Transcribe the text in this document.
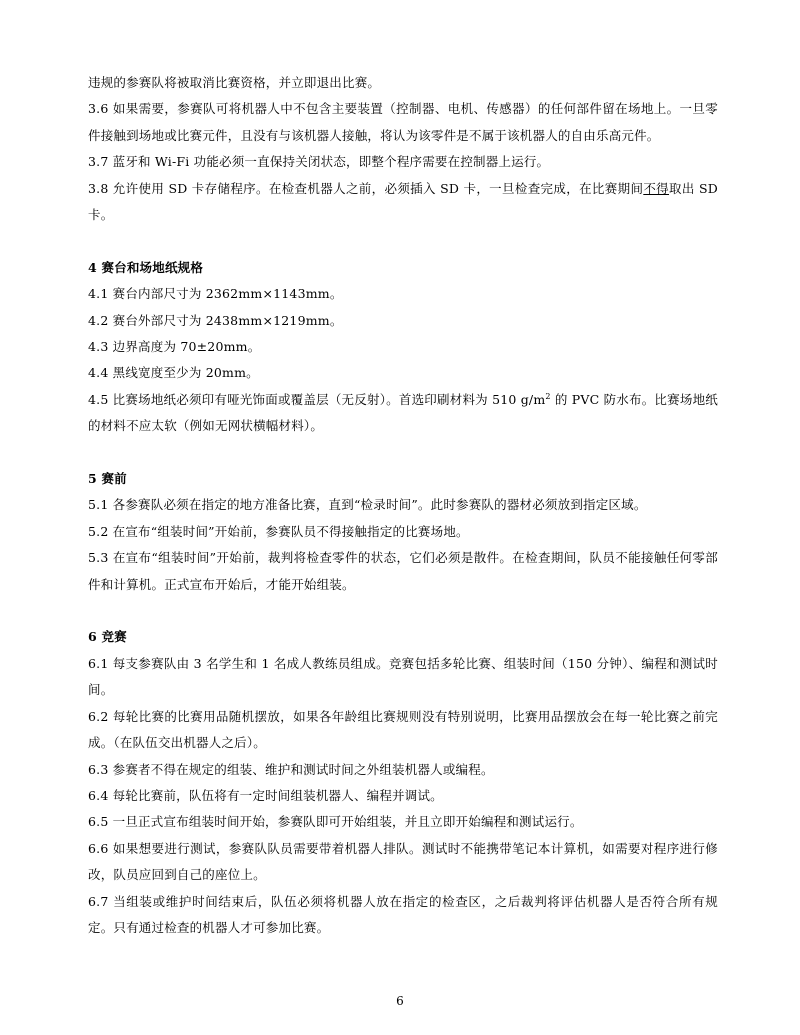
违规的参赛队将被取消比赛资格，并立即退出比赛。

3.6 如果需要，参赛队可将机器人中不包含主要装置（控制器、电机、传感器）的任何部件留在场地上。一旦零件接触到场地或比赛元件，且没有与该机器人接触，将认为该零件是不属于该机器人的自由乐高元件。

3.7 蓝牙和 Wi-Fi 功能必须一直保持关闭状态，即整个程序需要在控制器上运行。

3.8 允许使用 SD 卡存储程序。在检查机器人之前，必须插入 SD 卡，一旦检查完成，在比赛期间不得取出 SD 卡。

4 赛台和场地纸规格

4.1 赛台内部尺寸为 2362mm×1143mm。

4.2 赛台外部尺寸为 2438mm×1219mm。

4.3 边界高度为 70±20mm。

4.4 黑线宽度至少为 20mm。

4.5 比赛场地纸必须印有哑光饰面或覆盖层（无反射）。首选印刷材料为 510 $g/m^2$ 的 PVC 防水布。比赛场地纸的材料不应太软（例如无网状横幅材料）。

5 赛前

5.1 各参赛队必须在指定的地方准备比赛，直到“检录时间”。此时参赛队的器材必须放到指定区域。

5.2 在宣布“组装时间”开始前，参赛队员不得接触指定的比赛场地。

5.3 在宣布“组装时间”开始前，裁判将检查零件的状态，它们必须是散件。在检查期间，队员不能接触任何零部件和计算机。正式宣布开始后，才能开始组装。

6 竞赛

6.1 每支参赛队由 3 名学生和 1 名成人教练员组成。竞赛包括多轮比赛、组装时间（150 分钟）、编程和测试时间。

6.2 每轮比赛的比赛用品随机摆放，如果各年龄组比赛规则没有特别说明，比赛用品摆放会在每一轮比赛之前完成。（在队伍交出机器人之后）。

6.3 参赛者不得在规定的组装、维护和测试时间之外组装机器人或编程。

6.4 每轮比赛前，队伍将有一定时间组装机器人、编程并调试。

6.5 一旦正式宣布组装时间开始，参赛队即可开始组装，并且立即开始编程和测试运行。

6.6 如果想要进行测试，参赛队队员需要带着机器人排队。测试时不能携带笔记本计算机，如需要对程序进行修改，队员应回到自己的座位上。

6.7 当组装或维护时间结束后，队伍必须将机器人放在指定的检查区，之后裁判将评估机器人是否符合所有规定。只有通过检查的机器人才可参加比赛。

6
